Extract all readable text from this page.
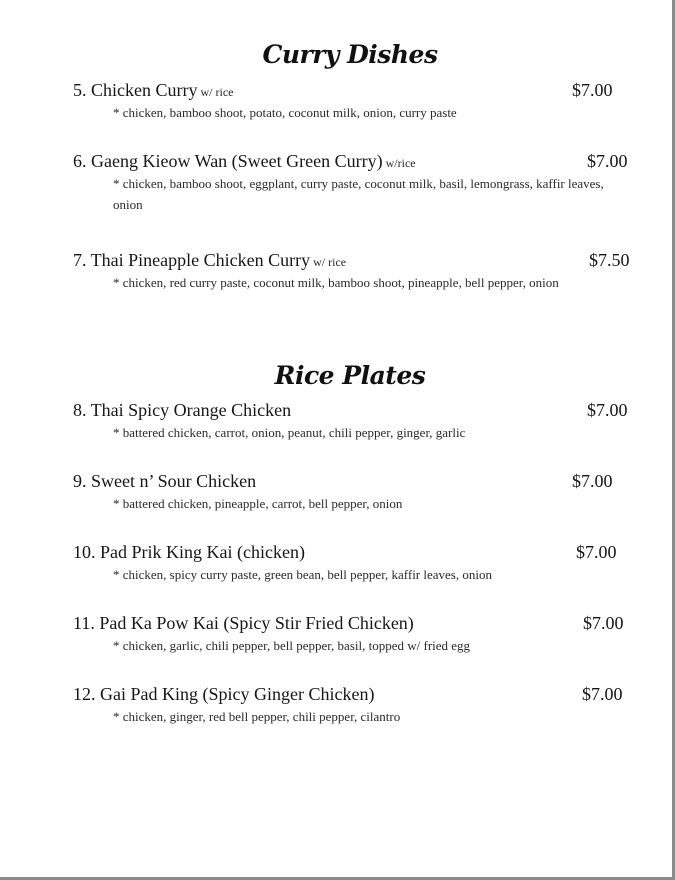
Curry Dishes
5. Chicken Curry w/ rice	$7.00
* chicken, bamboo shoot, potato, coconut milk, onion, curry paste
6. Gaeng Kieow Wan (Sweet Green Curry) w/rice	$7.00
* chicken, bamboo shoot, eggplant, curry paste, coconut milk, basil, lemongrass, kaffir leaves, onion
7. Thai Pineapple Chicken Curry w/ rice	$7.50
* chicken, red curry paste, coconut milk, bamboo shoot, pineapple, bell pepper, onion
Rice Plates
8. Thai Spicy Orange Chicken	$7.00
* battered chicken, carrot, onion, peanut, chili pepper, ginger, garlic
9. Sweet n’ Sour Chicken	$7.00
* battered chicken, pineapple, carrot, bell pepper, onion
10. Pad Prik King Kai (chicken)	$7.00
* chicken, spicy curry paste, green bean, bell pepper, kaffir leaves, onion
11. Pad Ka Pow Kai (Spicy Stir Fried Chicken)	$7.00
* chicken, garlic, chili pepper, bell pepper, basil, topped w/ fried egg
12. Gai Pad King (Spicy Ginger Chicken)	$7.00
* chicken, ginger, red bell pepper, chili pepper, cilantro
